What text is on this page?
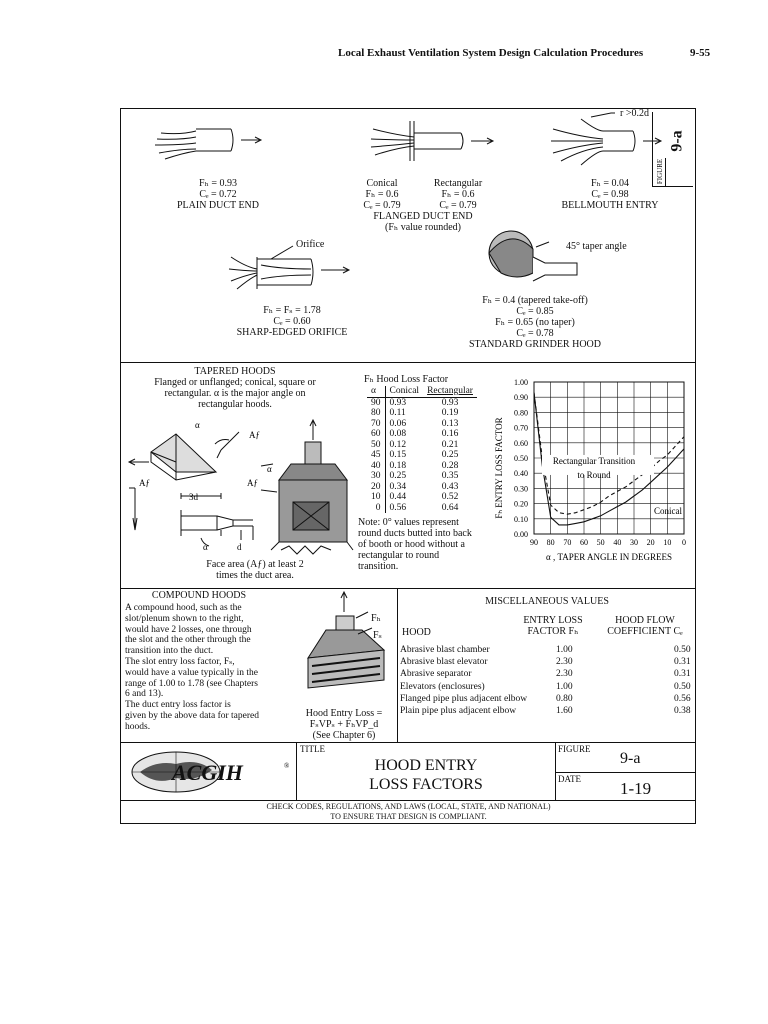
Local Exhaust Ventilation System Design Calculation Procedures	9-55
FIGURE
9-a
Fₕ = 0.93
Cₑ = 0.72
PLAIN DUCT END
Conical
Fₕ = 0.6
Cₑ = 0.79
Rectangular
Fₕ = 0.6
Cₑ = 0.79
FLANGED DUCT END
(Fₕ value rounded)
r >0.2d
Fₕ = 0.04
Cₑ = 0.98
BELLMOUTH ENTRY
Orifice
Fₕ = Fₛ = 1.78
Cₑ = 0.60
SHARP-EDGED ORIFICE
45° taper angle
Fₕ = 0.4 (tapered take-off)
Cₑ = 0.85
Fₕ = 0.65 (no taper)
Cₑ = 0.78
STANDARD GRINDER HOOD
TAPERED HOODS
Flanged or unflanged; conical, square or
rectangular. α is the major angle on
rectangular hoods.
α
Aƒ
Aƒ
3d
α	d
α
Aƒ
Face area (Aƒ) at least 2
times the duct area.
Fₕ Hood Loss Factor
α	Conical	Rectangular
90	0.93	0.93
80	0.11	0.19
70	0.06	0.13
60	0.08	0.16
50	0.12	0.21
45	0.15	0.25
40	0.18	0.28
30	0.25	0.35
20	0.34	0.43
10	0.44	0.52
0	0.56	0.64
Note: 0° values represent
round ducts butted into back
of booth or hood without a
rectangular to round
transition.
90 80 70 60 50 40 30 20 10 0
1.00
0.90
0.80
0.70
0.60
0.50
0.40
0.30
0.20
0.10
0.00
Rectangular Transition
to Round
Conical
α , TAPER ANGLE IN DEGREES
Fₕ ENTRY LOSS FACTOR
COMPOUND HOODS
A compound hood, such as the
slot/plenum shown to the right,
would have 2 losses, one through
the slot and the other through the
transition into the duct.
The slot entry loss factor, Fₛ,
would have a value typically in the
range of 1.00 to 1.78 (see Chapters
6 and 13).
The duct entry loss factor is
given by the above data for tapered
hoods.
Fₕ
Fₛ
Hood Entry Loss =
FₛVPₛ + FₕVP_d
(See Chapter 6)
MISCELLANEOUS VALUES
HOOD
ENTRY LOSS
FACTOR Fₕ
HOOD FLOW
COEFFICIENT Cₑ
Abrasive blast chamber	1.00	0.50
Abrasive blast elevator	2.30	0.31
Abrasive separator	2.30	0.31
Elevators (enclosures)	1.00	0.50
Flanged pipe plus adjacent elbow	0.80	0.56
Plain pipe plus adjacent elbow	1.60	0.38
ACGIH	®
TITLE
HOOD ENTRY
LOSS FACTORS
FIGURE
9-a
DATE 1-19
CHECK CODES, REGULATIONS, AND LAWS (LOCAL, STATE, AND NATIONAL)
TO ENSURE THAT DESIGN IS COMPLIANT.
